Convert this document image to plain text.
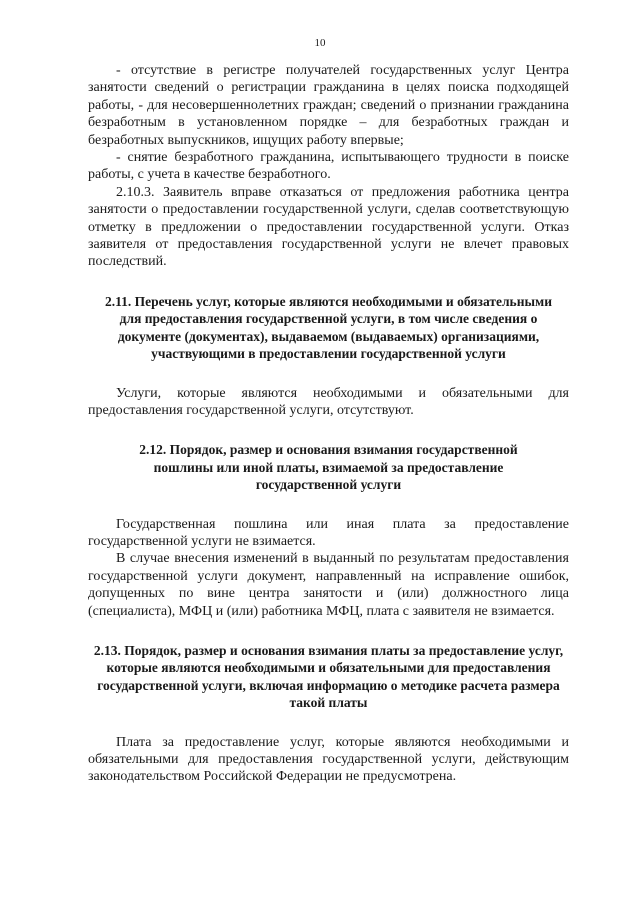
10

- отсутствие в регистре получателей государственных услуг Центра занятости сведений о регистрации гражданина в целях поиска подходящей работы, - для несовершеннолетних граждан; сведений о признании гражданина безработным в установленном порядке – для безработных граждан и безработных выпускников, ищущих работу впервые;

- снятие безработного гражданина, испытывающего трудности в поиске работы, с учета в качестве безработного.

2.10.3. Заявитель вправе отказаться от предложения работника центра занятости о предоставлении государственной услуги, сделав соответствующую отметку в предложении о предоставлении государственной услуги. Отказ заявителя от предоставления государственной услуги не влечет правовых последствий.

2.11. Перечень услуг, которые являются необходимыми и обязательными для предоставления государственной услуги, в том числе сведения о документе (документах), выдаваемом (выдаваемых) организациями, участвующими в предоставлении государственной услуги

Услуги, которые являются необходимыми и обязательными для предоставления государственной услуги, отсутствуют.

2.12. Порядок, размер и основания взимания государственной пошлины или иной платы, взимаемой за предоставление государственной услуги

Государственная пошлина или иная плата за предоставление государственной услуги не взимается.

В случае внесения изменений в выданный по результатам предоставления государственной услуги документ, направленный на исправление ошибок, допущенных по вине центра занятости и (или) должностного лица (специалиста), МФЦ и (или) работника МФЦ, плата с заявителя не взимается.

2.13. Порядок, размер и основания взимания платы за предоставление услуг, которые являются необходимыми и обязательными для предоставления государственной услуги, включая информацию о методике расчета размера такой платы

Плата за предоставление услуг, которые являются необходимыми и обязательными для предоставления государственной услуги, действующим законодательством Российской Федерации не предусмотрена.
